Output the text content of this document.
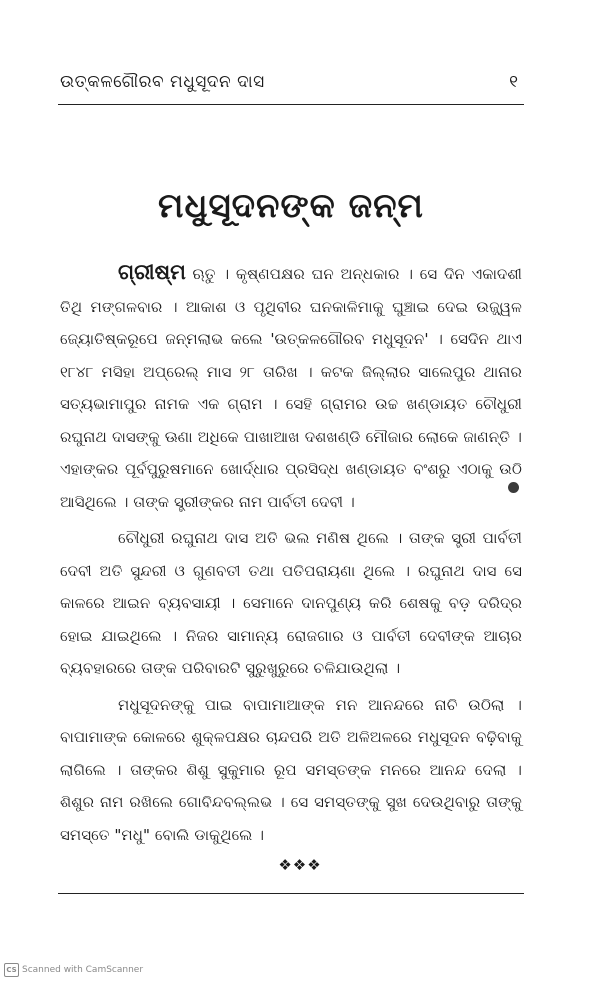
ଉତ୍କଳଗୌରବ ମଧୁସୂଦନ ଦାସ	୧
ମଧୁସୂଦନଙ୍କ ଜନ୍ମ

ଗ୍ରୀଷ୍ମ ଋତୁ । କୃଷ୍ଣପକ୍ଷର ଘନ ଅନ୍ଧକାର । ସେ ଦିନ ଏକାଦଶୀ ତିଥି ମଙ୍ଗଳବାର । ଆକାଶ ଓ ପୃଥିବୀର ଘନକାଳିମାକୁ ଘୁଞ୍ଚାଇ ଦେଇ ଉଜ୍ଜ୍ୱଳ ଜ୍ୟୋତିଷ୍କରୂପେ ଜନ୍ମଲାଭ କଲେ 'ଉତ୍କଳଗୌରବ ମଧୁସୂଦନ' । ସେଦିନ ଥାଏ ୧୮୪୮ ମସିହା ଅପ୍ରେଲ୍ ମାସ ୨୮ ତାରିଖ । କଟକ ଜିଲ୍ଲାର ସାଲେପୁର ଥାନାର ସତ୍ୟଭାମାପୁର ନାମକ ଏକ ଗ୍ରାମ । ସେହି ଗ୍ରାମର ଉଚ୍ଚ ଖଣ୍ଡାୟତ ଚୌଧୁରୀ ରଘୁନାଥ ଦାସଙ୍କୁ ଊଣା ଅଧିକେ ପାଖାଆଖ ଦଶଖଣ୍ଡି ମୌଜାର ଲୋକେ ଜାଣନ୍ତି । ଏହାଙ୍କର ପୂର୍ବପୁରୁଷମାନେ ଖୋର୍ଦ୍ଧାର ପ୍ରସିଦ୍ଧ ଖଣ୍ଡାୟତ ବଂଶରୁ ଏଠାକୁ ଉଠି ଆସିଥିଲେ । ତାଙ୍କ ସ୍ତ୍ରୀଙ୍କର ନାମ ପାର୍ବତୀ ଦେବୀ ।

ଚୌଧୁରୀ ରଘୁନାଥ ଦାସ ଅତି ଭଲ ମଣିଷ ଥିଲେ । ତାଙ୍କ ସ୍ତ୍ରୀ ପାର୍ବତୀ ଦେବୀ ଅତି ସୁନ୍ଦରୀ ଓ ଗୁଣବତୀ ତଥା ପତିପରାୟଣା ଥିଲେ । ରଘୁନାଥ ଦାସ ସେ କାଳରେ ଆଇନ ବ୍ୟବସାୟୀ । ସେମାନେ ଦାନପୁଣ୍ୟ କରି ଶେଷକୁ ବଡ଼ ଦରିଦ୍ର ହୋଇ ଯାଇଥିଲେ । ନିଜର ସାମାନ୍ୟ ରୋଜଗାର ଓ ପାର୍ବତୀ ଦେବୀଙ୍କ ଆଚାର ବ୍ୟବହାରରେ ତାଙ୍କ ପରିବାରଟି ସୁରୁଖୁରୁରେ ଚଳିଯାଉଥିଲା ।

ମଧୁସୂଦନଙ୍କୁ ପାଇ ବାପାମାଆଙ୍କ ମନ ଆନନ୍ଦରେ ନାଚି ଉଠିଲା । ବାପାମାଙ୍କ କୋଳରେ ଶୁକ୍ଳପକ୍ଷର ଚାନ୍ଦପରି ଅତି ଅଳିଅଳରେ ମଧୁସୂଦନ ବଢ଼ିବାକୁ ଲାଗିଲେ । ତାଙ୍କର ଶିଶୁ ସୁକୁମାର ରୂପ ସମସ୍ତଙ୍କ ମନରେ ଆନନ୍ଦ ଦେଲା । ଶିଶୁର ନାମ ରଖିଲେ ଗୋବିନ୍ଦବଲ୍ଲଭ । ସେ ସମସ୍ତଙ୍କୁ ସୁଖ ଦେଉଥିବାରୁ ତାଙ୍କୁ ସମସ୍ତେ "ମଧୁ" ବୋଲି ଡାକୁଥିଲେ ।

❖❖❖
CS Scanned with CamScanner
